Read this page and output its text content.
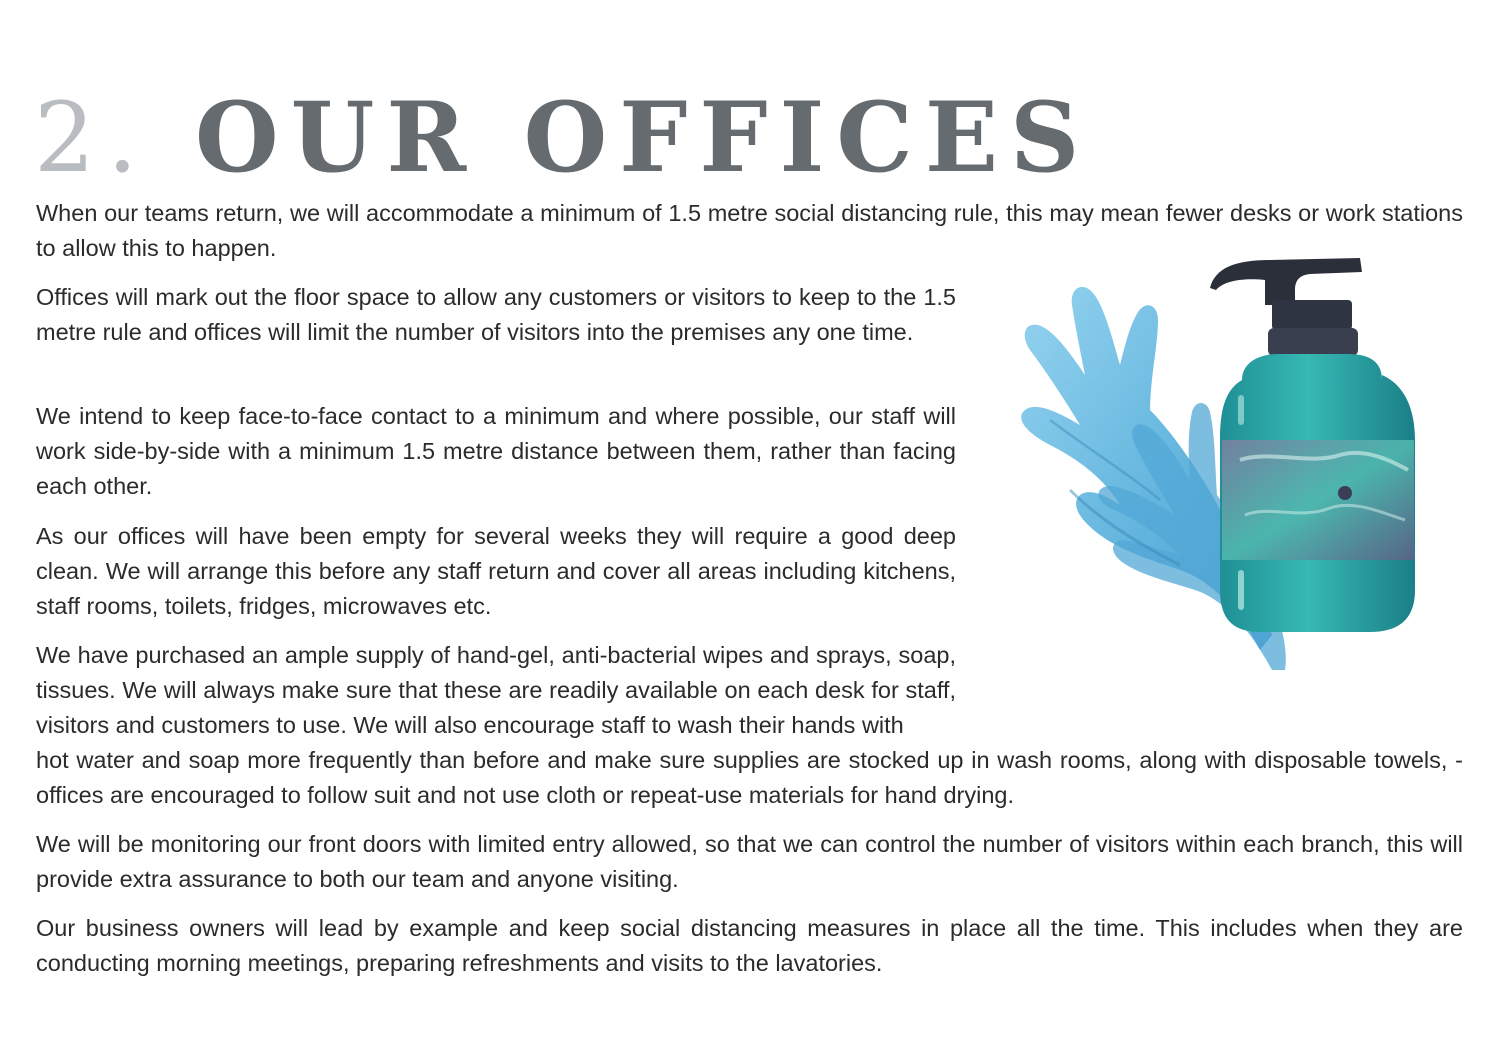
2. OUR OFFICES

When our teams return, we will accommodate a minimum of 1.5 metre social distancing rule, this may mean fewer desks or work stations to allow this to happen.

Offices will mark out the floor space to allow any customers or visitors to keep to the 1.5 metre rule and offices will limit the number of visitors into the premises any one time.

We intend to keep face-to-face contact to a minimum and where possible, our staff will work side-by-side with a minimum 1.5 metre distance between them, rather than facing each other.

As our offices will have been empty for several weeks they will require a good deep clean. We will arrange this before any staff return and cover all areas including kitchens, staff rooms, toilets, fridges, microwaves etc.

We have purchased an ample supply of hand-gel, anti-bacterial wipes and sprays, soap, tissues. We will always make sure that these are readily available on each desk for staff, visitors and customers to use. We will also encourage staff to wash their hands with

hot water and soap more frequently than before and make sure supplies are stocked up in wash rooms, along with disposable towels, - offices are encouraged to follow suit and not use cloth or repeat-use materials for hand drying.

We will be monitoring our front doors with limited entry allowed, so that we can control the number of visitors within each branch, this will provide extra assurance to both our team and anyone visiting.

Our business owners will lead by example and keep social distancing measures in place all the time. This includes when they are conducting morning meetings, preparing refreshments and visits to the lavatories.
